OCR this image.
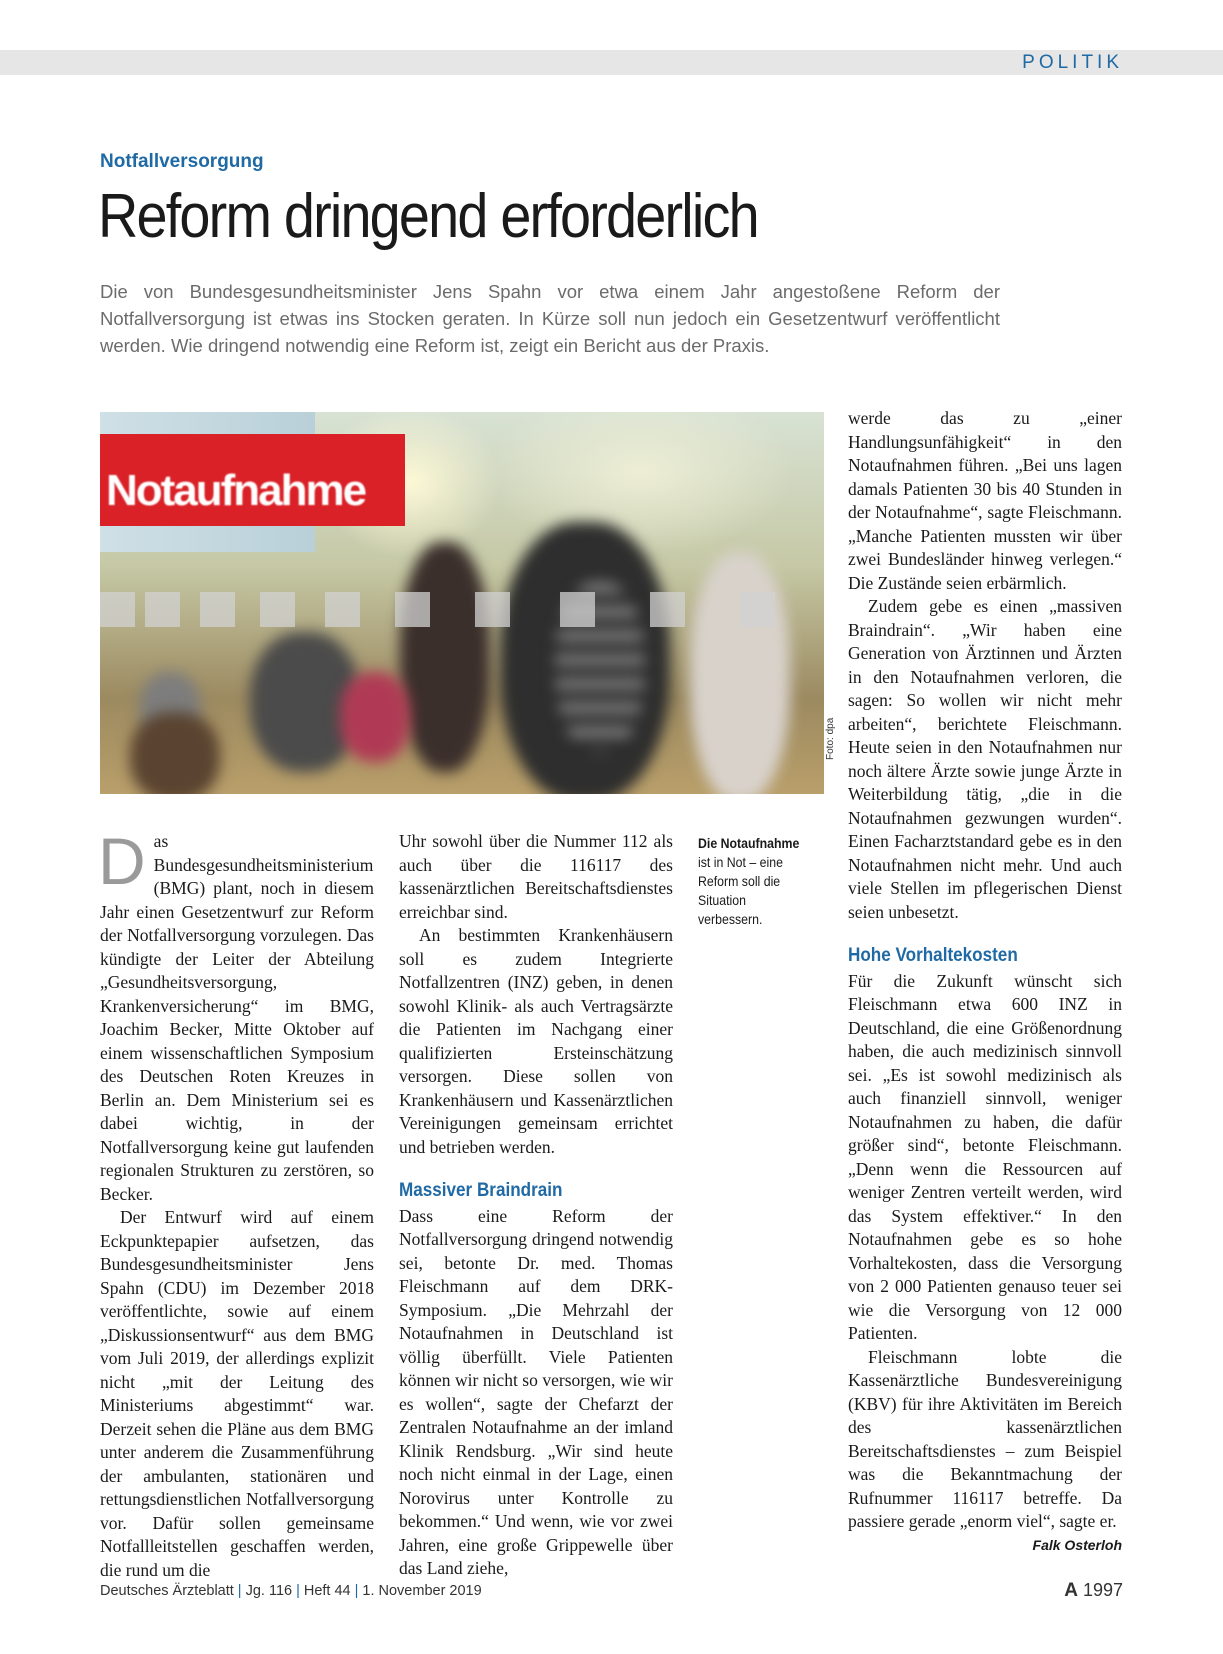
POLITIK
Notfallversorgung
Reform dringend erforderlich

Die von Bundesgesundheitsminister Jens Spahn vor etwa einem Jahr angestoßene Reform der Notfallversorgung ist etwas ins Stocken geraten. In Kürze soll nun jedoch ein Gesetzentwurf veröffentlicht werden. Wie dringend notwendig eine Reform ist, zeigt ein Bericht aus der Praxis.

Notaufnahme
Foto: dpa
Die Notaufnahme
ist in Not – eine Reform soll die Situation verbessern.

Das Bundesgesundheitsministerium (BMG) plant, noch in diesem Jahr einen Gesetzentwurf zur Reform der Notfallversorgung vorzulegen. Das kündigte der Leiter der Abteilung „Gesundheitsversorgung, Krankenversicherung“ im BMG, Joachim Becker, Mitte Oktober auf einem wissenschaftlichen Symposium des Deutschen Roten Kreuzes in Berlin an. Dem Ministerium sei es dabei wichtig, in der Notfallversorgung keine gut laufenden regionalen Strukturen zu zerstören, so Becker.

Der Entwurf wird auf einem Eckpunktepapier aufsetzen, das Bundesgesundheitsminister Jens Spahn (CDU) im Dezember 2018 veröffentlichte, sowie auf einem „Diskussionsentwurf“ aus dem BMG vom Juli 2019, der allerdings explizit nicht „mit der Leitung des Ministeriums abgestimmt“ war. Derzeit sehen die Pläne aus dem BMG unter anderem die Zusammenführung der ambulanten, stationären und rettungsdienstlichen Notfallversorgung vor. Dafür sollen gemeinsame Notfallleitstellen geschaffen werden, die rund um die

Uhr sowohl über die Nummer 112 als auch über die 116117 des kassenärztlichen Bereitschaftsdienstes erreichbar sind.

An bestimmten Krankenhäusern soll es zudem Integrierte Notfallzentren (INZ) geben, in denen sowohl Klinik- als auch Vertragsärzte die Patienten im Nachgang einer qualifizierten Ersteinschätzung versorgen. Diese sollen von Krankenhäusern und Kassenärztlichen Vereinigungen gemeinsam errichtet und betrieben werden.

Massiver Braindrain

Dass eine Reform der Notfallversorgung dringend notwendig sei, betonte Dr. med. Thomas Fleischmann auf dem DRK-Symposium. „Die Mehrzahl der Notaufnahmen in Deutschland ist völlig überfüllt. Viele Patienten können wir nicht so versorgen, wie wir es wollen“, sagte der Chefarzt der Zentralen Notaufnahme an der imland Klinik Rendsburg. „Wir sind heute noch nicht einmal in der Lage, einen Norovirus unter Kontrolle zu bekommen.“ Und wenn, wie vor zwei Jahren, eine große Grippewelle über das Land ziehe,

werde das zu „einer Handlungsunfähigkeit“ in den Notaufnahmen führen. „Bei uns lagen damals Patienten 30 bis 40 Stunden in der Notaufnahme“, sagte Fleischmann. „Manche Patienten mussten wir über zwei Bundesländer hinweg verlegen.“ Die Zustände seien erbärmlich.

Zudem gebe es einen „massiven Braindrain“. „Wir haben eine Generation von Ärztinnen und Ärzten in den Notaufnahmen verloren, die sagen: So wollen wir nicht mehr arbeiten“, berichtete Fleischmann. Heute seien in den Notaufnahmen nur noch ältere Ärzte sowie junge Ärzte in Weiterbildung tätig, „die in die Notaufnahmen gezwungen wurden“. Einen Facharztstandard gebe es in den Notaufnahmen nicht mehr. Und auch viele Stellen im pflegerischen Dienst seien unbesetzt.

Hohe Vorhaltekosten

Für die Zukunft wünscht sich Fleischmann etwa 600 INZ in Deutschland, die eine Größenordnung haben, die auch medizinisch sinnvoll sei. „Es ist sowohl medizinisch als auch finanziell sinnvoll, weniger Notaufnahmen zu haben, die dafür größer sind“, betonte Fleischmann. „Denn wenn die Ressourcen auf weniger Zentren verteilt werden, wird das System effektiver.“ In den Notaufnahmen gebe es so hohe Vorhaltekosten, dass die Versorgung von 2 000 Patienten genauso teuer sei wie die Versorgung von 12 000 Patienten.

Fleischmann lobte die Kassenärztliche Bundesvereinigung (KBV) für ihre Aktivitäten im Bereich des kassenärztlichen Bereitschaftsdienstes – zum Beispiel was die Bekanntmachung der Rufnummer 116117 betreffe. Da passiere gerade „enorm viel“, sagte er.
Falk Osterloh

Deutsches Ärzteblatt | Jg. 116 | Heft 44 | 1. November 2019	A 1997
